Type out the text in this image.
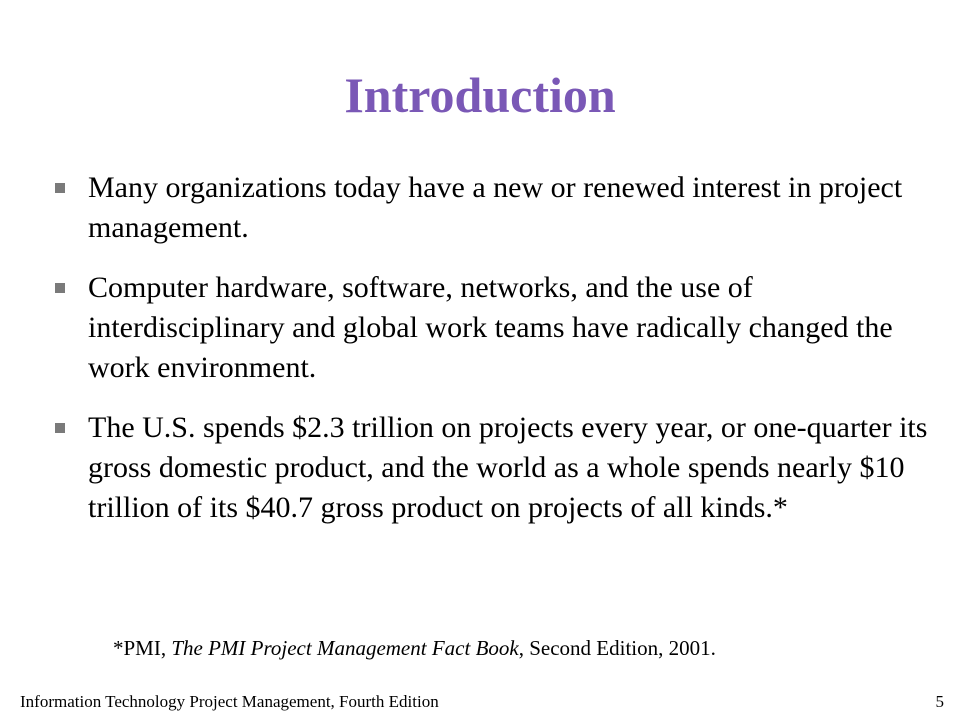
Introduction
Many organizations today have a new or renewed interest in project management.
Computer hardware, software, networks, and the use of interdisciplinary and global work teams have radically changed the work environment.
The U.S. spends $2.3 trillion on projects every year, or one-quarter its gross domestic product, and the world as a whole spends nearly $10 trillion of its $40.7 gross product on projects of all kinds.*
*PMI, The PMI Project Management Fact Book, Second Edition, 2001.
Information Technology Project Management, Fourth Edition	5
